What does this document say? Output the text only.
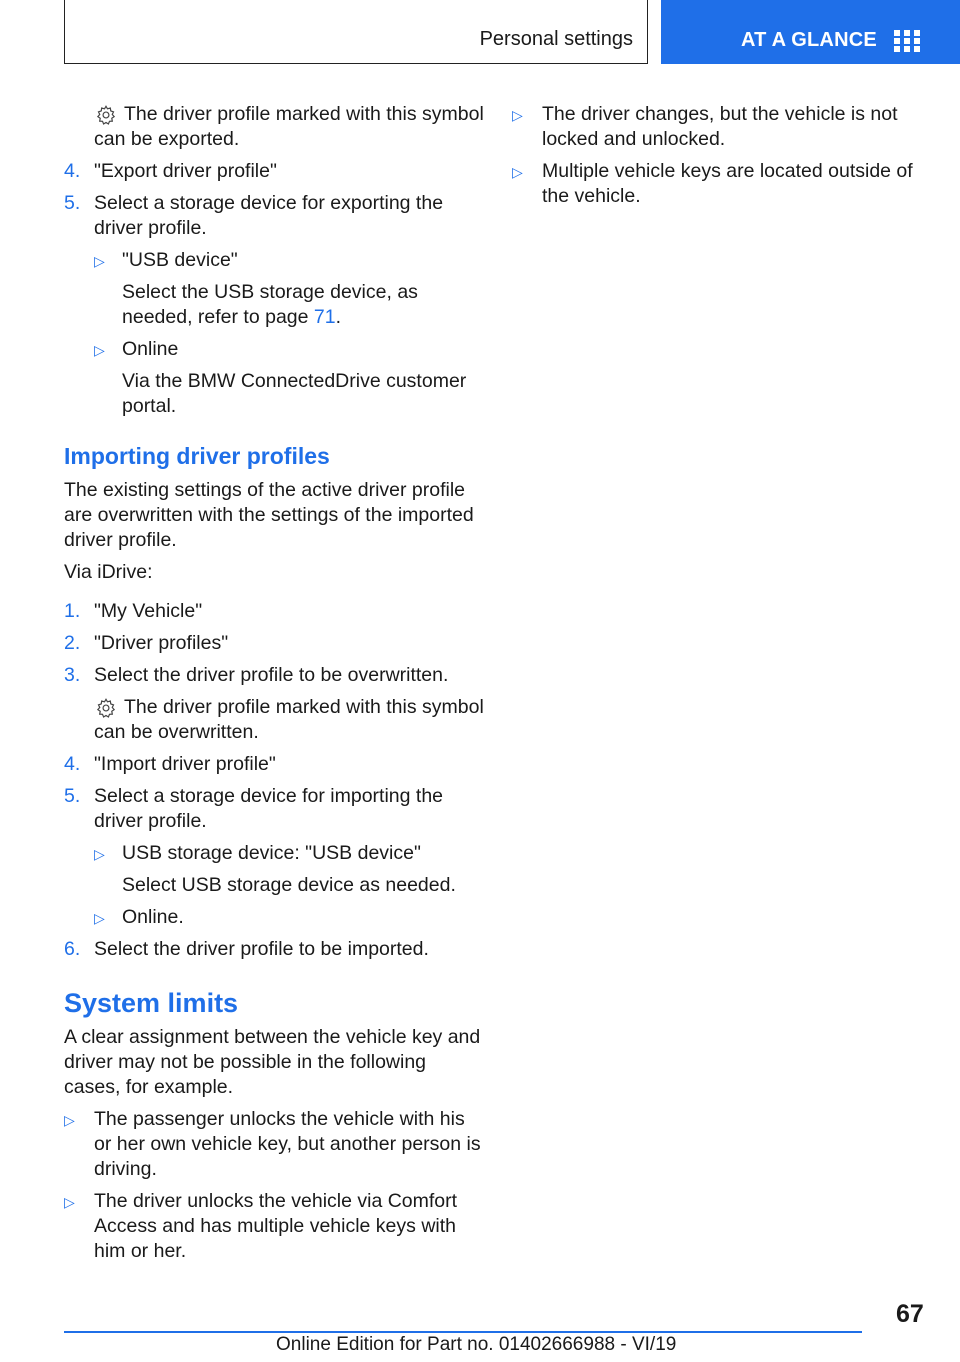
Personal settings	AT A GLANCE
The driver profile marked with this symbol can be exported.
4. "Export driver profile"
5. Select a storage device for exporting the driver profile.
▷ "USB device"
Select the USB storage device, as needed, refer to page 71.
▷ Online
Via the BMW ConnectedDrive customer portal.
Importing driver profiles

The existing settings of the active driver profile are overwritten with the settings of the imported driver profile.

Via iDrive:

1. "My Vehicle"
2. "Driver profiles"
3. Select the driver profile to be overwritten.
The driver profile marked with this symbol can be overwritten.
4. "Import driver profile"
5. Select a storage device for importing the driver profile.
▷ USB storage device: "USB device"
Select USB storage device as needed.
▷ Online.
6. Select the driver profile to be imported.
System limits

A clear assignment between the vehicle key and driver may not be possible in the following cases, for example.

▷ The passenger unlocks the vehicle with his or her own vehicle key, but another person is driving.
▷ The driver unlocks the vehicle via Comfort Access and has multiple vehicle keys with him or her.
▷ The driver changes, but the vehicle is not locked and unlocked.
▷ Multiple vehicle keys are located outside of the vehicle.
67
Online Edition for Part no. 01402666988 - VI/19
